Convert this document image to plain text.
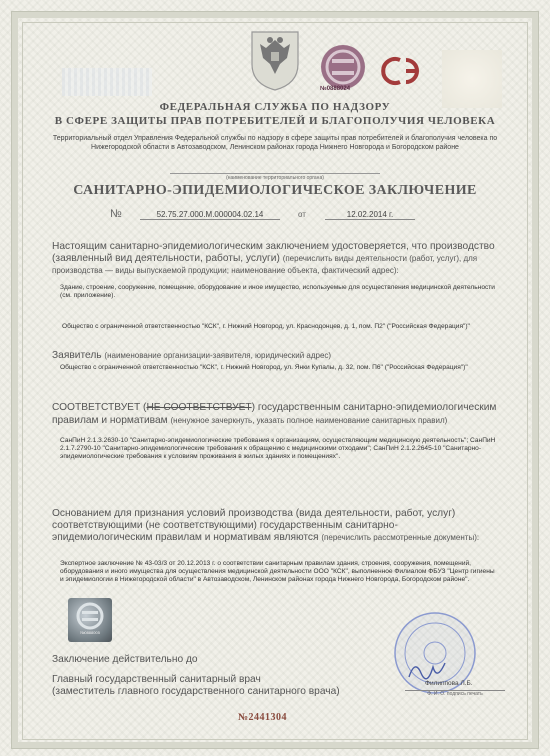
№0888024
ФЕДЕРАЛЬНАЯ СЛУЖБА ПО НАДЗОРУ
В СФЕРЕ ЗАЩИТЫ ПРАВ ПОТРЕБИТЕЛЕЙ И БЛАГОПОЛУЧИЯ ЧЕЛОВЕКА
Территориальный отдел Управления Федеральной службы по надзору в сфере защиты прав потребителей и благополучия человека по Нижегородской области в Автозаводском, Ленинском районах города Нижнего Новгорода и Богородском районе
(наименование территориального органа)
САНИТАРНО-ЭПИДЕМИОЛОГИЧЕСКОЕ ЗАКЛЮЧЕНИЕ
№	52.75.27.000.М.000004.02.14	от	12.02.2014 г.
Настоящим санитарно-эпидемиологическим заключением удостоверяется, что производство (заявленный вид деятельности, работы, услуги) (перечислить виды деятельности (работ, услуг), для производства — виды выпускаемой продукции; наименование объекта, фактический адрес):
Здание, строение, сооружение, помещение, оборудование и иное имущество, используемые для осуществления медицинской деятельности (см. приложение).
Общество с ограниченной ответственностью "КСК", г. Нижний Новгород, ул. Краснодонцев, д. 1, пом. П2" ("Российская Федерация")"
Заявитель (наименование организации-заявителя, юридический адрес)
Общество с ограниченной ответственностью "КСК", г. Нижний Новгород, ул. Янки Купалы, д. 32, пом. П6" ("Российская Федерация")"
СООТВЕТСТВУЕТ (НЕ СООТВЕТСТВУЕТ) государственным санитарно-эпидемиологическим правилам и нормативам (ненужное зачеркнуть, указать полное наименование санитарных правил)
СанПиН 2.1.3.2630-10 "Санитарно-эпидемиологические требования к организациям, осуществляющим медицинскую деятельность"; СанПиН 2.1.7.2790-10 "Санитарно-эпидемиологические требования к обращению с медицинскими отходами"; СанПиН 2.1.2.2645-10 "Санитарно-эпидемиологические требования к условиям проживания в жилых зданиях и помещениях".
Основанием для признания условий производства (вида деятельности, работ, услуг) соответствующими (не соответствующими) государственным санитарно-эпидемиологическим правилам и нормативам являются (перечислить рассмотренные документы):
Экспертное заключение № 43-03/3 от 20.12.2013 г. о соответствии санитарным правилам здания, строения, сооружения, помещений, оборудования и иного имущества для осуществления медицинской деятельности ООО "КСК", выполненное Филиалом ФБУЗ "Центр гигиены и эпидемиологии в Нижегородской области" в Автозаводском, Ленинском районах города Нижнего Новгорода, Богородском районе".
№0888005
Заключение действительно до
Главный государственный санитарный врач
(заместитель главного государственного санитарного врача)
Филиппова Л.Б.
Ф. И. О. подпись печать
№2441304
